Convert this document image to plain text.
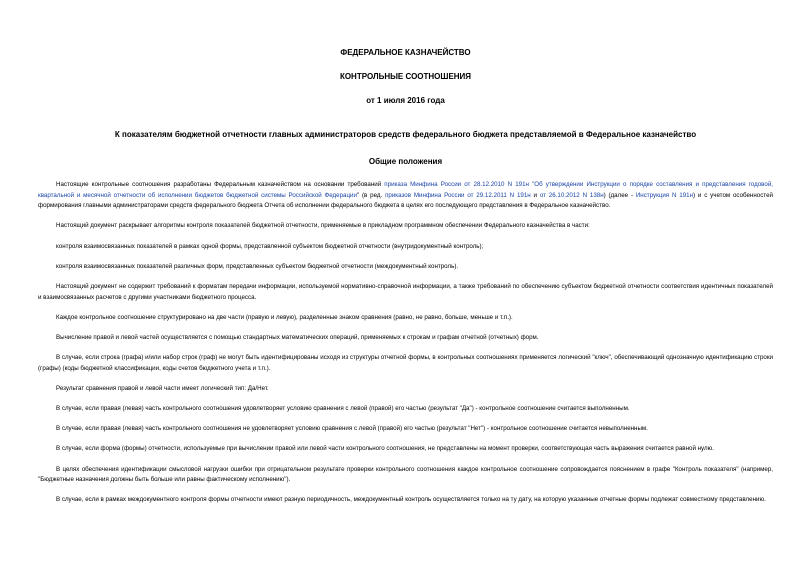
ФЕДЕРАЛЬНОЕ КАЗНАЧЕЙСТВО
КОНТРОЛЬНЫЕ СООТНОШЕНИЯ
от 1 июля 2016 года
К показателям бюджетной отчетности главных администраторов средств федерального бюджета представляемой в Федеральное казначейство
Общие положения

Настоящие контрольные соотношения разработаны Федеральным казначейством на основании требований приказа Минфина России от 28.12.2010 N 191н "Об утверждении Инструкции о порядке составления и представления годовой, квартальной и месячной отчетности об исполнении бюджетов бюджетной системы Российской Федерации" (в ред. приказов Минфина России от 29.12.2011 N 191н и от 26.10.2012 N 138н) (далее - Инструкция N 191н) и с учетом особенностей формирования главными администраторами средств федерального бюджета Отчета об исполнении федерального бюджета в целях его последующего представления в Федеральное казначейство.

Настоящий документ раскрывает алгоритмы контроля показателей бюджетной отчетности, применяемые в прикладном программном обеспечении Федерального казначейства в части:

контроля взаимосвязанных показателей в рамках одной формы, представленной субъектом бюджетной отчетности (внутридокументный контроль);

контроля взаимосвязанных показателей различных форм, представленных субъектом бюджетной отчетности (междокументный контроль).

Настоящий документ не содержит требований к форматам передачи информации, используемой нормативно-справочной информации, а также требований по обеспечению субъектом бюджетной отчетности соответствия идентичных показателей и взаимосвязанных расчетов с другими участниками бюджетного процесса.

Каждое контрольное соотношение структурировано на две части (правую и левую), разделенные знаком сравнения (равно, не равно, больше, меньше и т.п.).

Вычисление правой и левой частей осуществляется с помощью стандартных математических операций, применяемых к строкам и графам отчетной (отчетных) форм.

В случае, если строка (графа) и/или набор строк (граф) не могут быть идентифицированы исходя из структуры отчетной формы, в контрольных соотношениях применяется логический "ключ", обеспечивающий однозначную идентификацию строки (графы) (коды бюджетной классификации, коды счетов бюджетного учета и т.п.).

Результат сравнения правой и левой части имеет логический тип: Да/Нет.

В случае, если правая (левая) часть контрольного соотношения удовлетворяет условию сравнения с левой (правой) его частью (результат "Да") - контрольное соотношение считается выполненным.

В случае, если правая (левая) часть контрольного соотношения не удовлетворяет условию сравнения с левой (правой) его частью (результат "Нет") - контрольное соотношение считается невыполненным.

В случае, если форма (формы) отчетности, используемые при вычислении правой или левой части контрольного соотношения, не представлены на момент проверки, соответствующая часть выражения считается равной нулю.

В целях обеспечения идентификации смысловой нагрузки ошибки при отрицательном результате проверки контрольного соотношения каждое контрольное соотношение сопровождается пояснением в графе "Контроль показателя" (например, "Бюджетные назначения должны быть больше или равны фактическому исполнению").

В случае, если в рамках междокументного контроля формы отчетности имеют разную периодичность, междокументный контроль осуществляется только на ту дату, на которую указанные отчетные формы подлежат совместному представлению.
